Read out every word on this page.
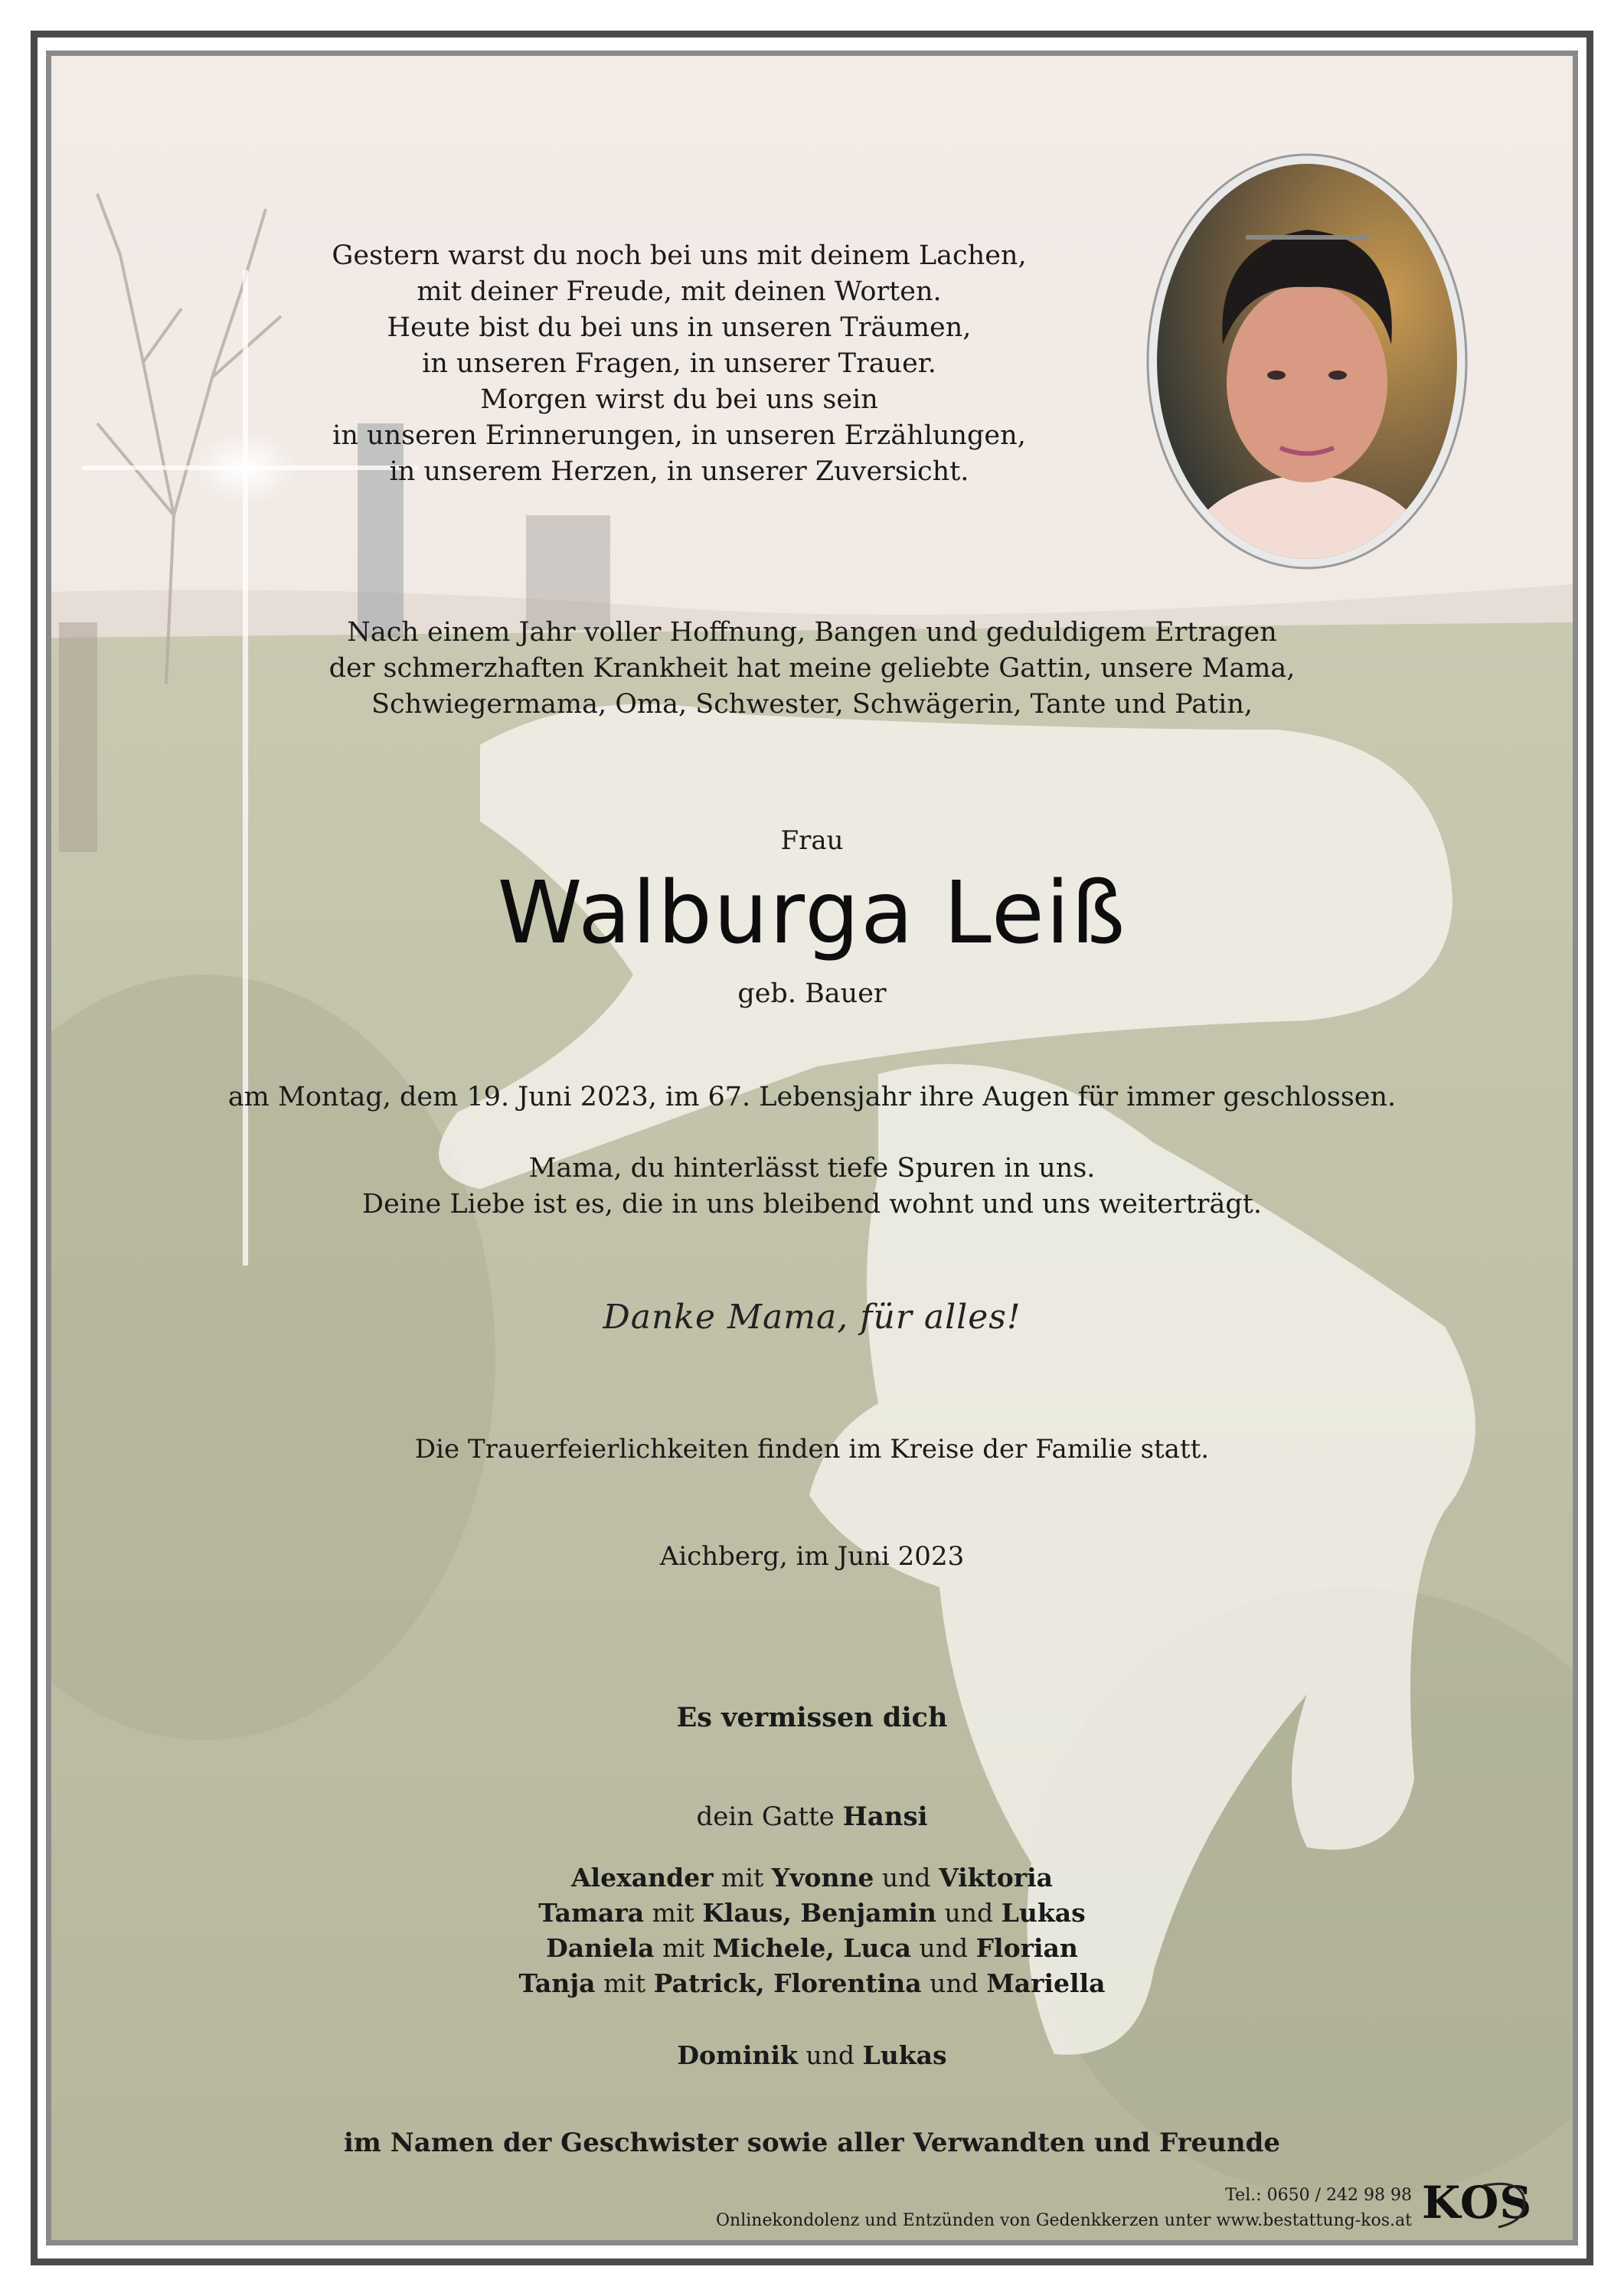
Gestern warst du noch bei uns mit deinem Lachen,
mit deiner Freude, mit deinen Worten.
Heute bist du bei uns in unseren Träumen,
in unseren Fragen, in unserer Trauer.
Morgen wirst du bei uns sein
in unseren Erinnerungen, in unseren Erzählungen,
in unserem Herzen, in unserer Zuversicht.
Nach einem Jahr voller Hoffnung, Bangen und geduldigem Ertragen
der schmerzhaften Krankheit hat meine geliebte Gattin, unsere Mama,
Schwiegermama, Oma, Schwester, Schwägerin, Tante und Patin,
Frau
Walburga Leiß
geb. Bauer
am Montag, dem 19. Juni 2023, im 67. Lebensjahr ihre Augen für immer geschlossen.
Mama, du hinterlässt tiefe Spuren in uns.
Deine Liebe ist es, die in uns bleibend wohnt und uns weiterträgt.
Danke Mama, für alles!
Die Trauerfeierlichkeiten finden im Kreise der Familie statt.
Aichberg, im Juni 2023
Es vermissen dich
dein Gatte Hansi
Alexander mit Yvonne und Viktoria
Tamara mit Klaus, Benjamin und Lukas
Daniela mit Michele, Luca und Florian
Tanja mit Patrick, Florentina und Mariella
Dominik und Lukas
im Namen der Geschwister sowie aller Verwandten und Freunde
Tel.: 0650 / 242 98 98
Onlinekondolenz und Entzünden von Gedenkkerzen unter www.bestattung-kos.at KOS
